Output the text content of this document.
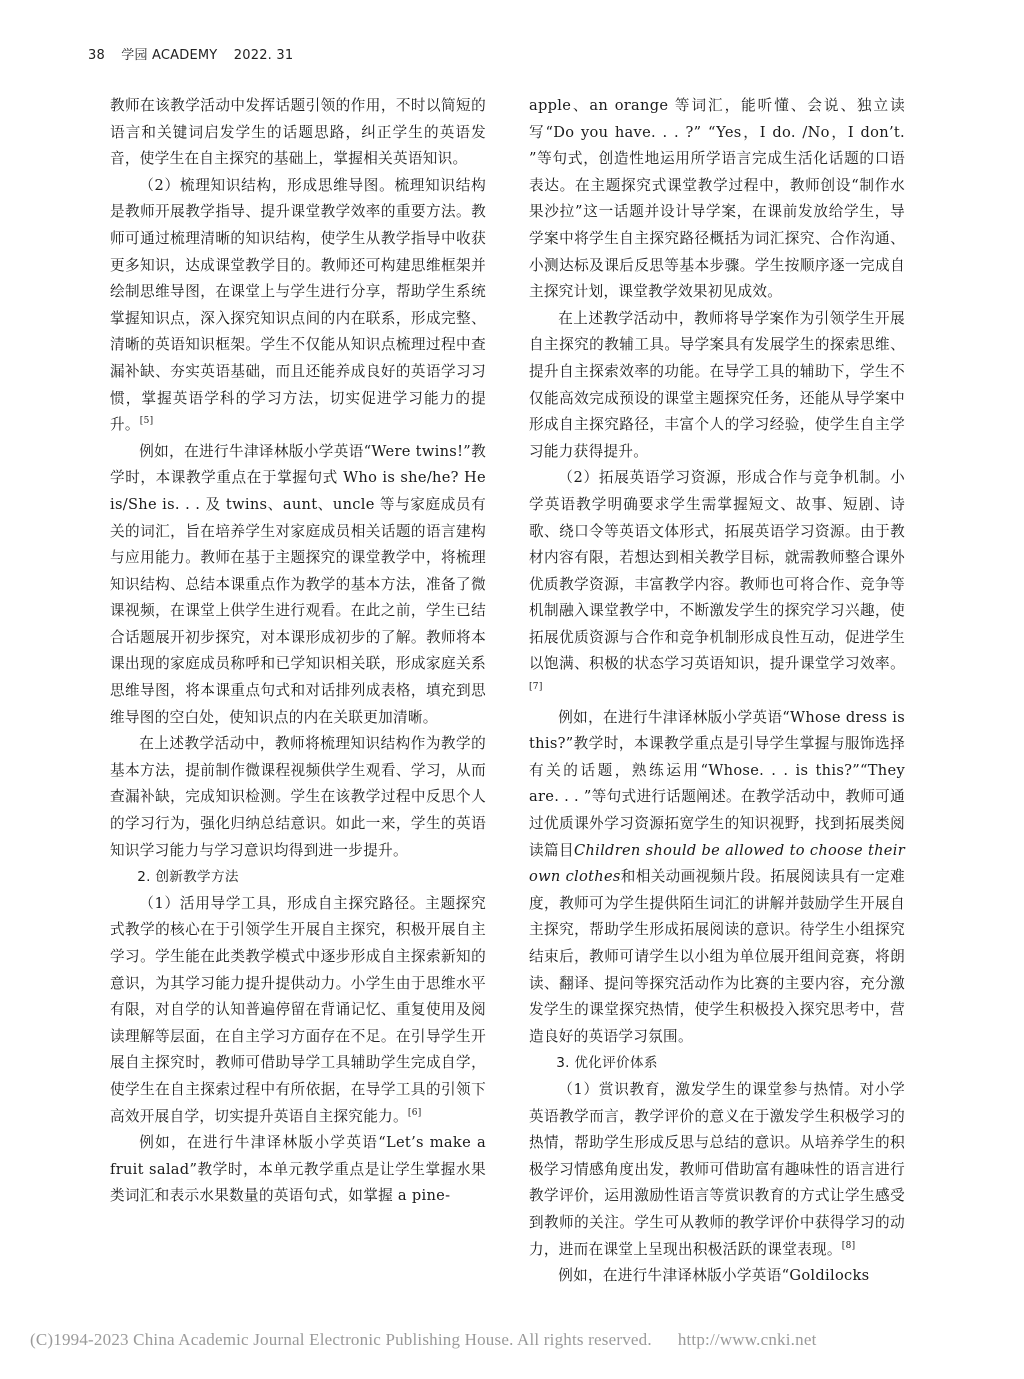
38 学园 ACADEMY 2022. 31

教师在该教学活动中发挥话题引领的作用，不时以简短的语言和关键词启发学生的话题思路，纠正学生的英语发音，使学生在自主探究的基础上，掌握相关英语知识。

（2）梳理知识结构，形成思维导图。梳理知识结构是教师开展教学指导、提升课堂教学效率的重要方法。教师可通过梳理清晰的知识结构，使学生从教学指导中收获更多知识，达成课堂教学目的。教师还可构建思维框架并绘制思维导图，在课堂上与学生进行分享，帮助学生系统掌握知识点，深入探究知识点间的内在联系，形成完整、清晰的英语知识框架。学生不仅能从知识点梳理过程中查漏补缺、夯实英语基础，而且还能养成良好的英语学习习惯，掌握英语学科的学习方法，切实促进学习能力的提升。[5]

例如，在进行牛津译林版小学英语“Were twins!”教学时，本课教学重点在于掌握句式 Who is she/he? He is/She is. . . 及 twins、aunt、uncle 等与家庭成员有关的词汇，旨在培养学生对家庭成员相关话题的语言建构与应用能力。教师在基于主题探究的课堂教学中，将梳理知识结构、总结本课重点作为教学的基本方法，准备了微课视频，在课堂上供学生进行观看。在此之前，学生已结合话题展开初步探究，对本课形成初步的了解。教师将本课出现的家庭成员称呼和已学知识相关联，形成家庭关系思维导图，将本课重点句式和对话排列成表格，填充到思维导图的空白处，使知识点的内在关联更加清晰。

在上述教学活动中，教师将梳理知识结构作为教学的基本方法，提前制作微课程视频供学生观看、学习，从而查漏补缺，完成知识检测。学生在该教学过程中反思个人的学习行为，强化归纳总结意识。如此一来，学生的英语知识学习能力与学习意识均得到进一步提升。

2. 创新教学方法

（1）活用导学工具，形成自主探究路径。主题探究式教学的核心在于引领学生开展自主探究，积极开展自主学习。学生能在此类教学模式中逐步形成自主探索新知的意识，为其学习能力提升提供动力。小学生由于思维水平有限，对自学的认知普遍停留在背诵记忆、重复使用及阅读理解等层面，在自主学习方面存在不足。在引导学生开展自主探究时，教师可借助导学工具辅助学生完成自学，使学生在自主探索过程中有所依据，在导学工具的引领下高效开展自学，切实提升英语自主探究能力。[6]

例如，在进行牛津译林版小学英语“Let’s make a fruit salad”教学时，本单元教学重点是让学生掌握水果类词汇和表示水果数量的英语句式，如掌握 a pine-

apple、an orange 等词汇，能听懂、会说、独立读写“Do you have. . . ?” “Yes，I do. /No，I don’t. ”等句式，创造性地运用所学语言完成生活化话题的口语表达。在主题探究式课堂教学过程中，教师创设“制作水果沙拉”这一话题并设计导学案，在课前发放给学生，导学案中将学生自主探究路径概括为词汇探究、合作沟通、小测达标及课后反思等基本步骤。学生按顺序逐一完成自主探究计划，课堂教学效果初见成效。

在上述教学活动中，教师将导学案作为引领学生开展自主探究的教辅工具。导学案具有发展学生的探索思维、提升自主探索效率的功能。在导学工具的辅助下，学生不仅能高效完成预设的课堂主题探究任务，还能从导学案中形成自主探究路径，丰富个人的学习经验，使学生自主学习能力获得提升。

（2）拓展英语学习资源，形成合作与竞争机制。小学英语教学明确要求学生需掌握短文、故事、短剧、诗歌、绕口令等英语文体形式，拓展英语学习资源。由于教材内容有限，若想达到相关教学目标，就需教师整合课外优质教学资源，丰富教学内容。教师也可将合作、竞争等机制融入课堂教学中，不断激发学生的探究学习兴趣，使拓展优质资源与合作和竞争机制形成良性互动，促进学生以饱满、积极的状态学习英语知识，提升课堂学习效率。[7]

例如，在进行牛津译林版小学英语“Whose dress is this?”教学时，本课教学重点是引导学生掌握与服饰选择有关的话题，熟练运用“Whose. . . is this?”“They are. . . ”等句式进行话题阐述。在教学活动中，教师可通过优质课外学习资源拓宽学生的知识视野，找到拓展类阅读篇目Children should be allowed to choose their own clothes和相关动画视频片段。拓展阅读具有一定难度，教师可为学生提供陌生词汇的讲解并鼓励学生开展自主探究，帮助学生形成拓展阅读的意识。待学生小组探究结束后，教师可请学生以小组为单位展开组间竞赛，将朗读、翻译、提问等探究活动作为比赛的主要内容，充分激发学生的课堂探究热情，使学生积极投入探究思考中，营造良好的英语学习氛围。

3. 优化评价体系

（1）赏识教育，激发学生的课堂参与热情。对小学英语教学而言，教学评价的意义在于激发学生积极学习的热情，帮助学生形成反思与总结的意识。从培养学生的积极学习情感角度出发，教师可借助富有趣味性的语言进行教学评价，运用激励性语言等赏识教育的方式让学生感受到教师的关注。学生可从教师的教学评价中获得学习的动力，进而在课堂上呈现出积极活跃的课堂表现。[8]

例如，在进行牛津译林版小学英语“Goldilocks

(C)1994-2023 China Academic Journal Electronic Publishing House. All rights reserved. http://www.cnki.net
